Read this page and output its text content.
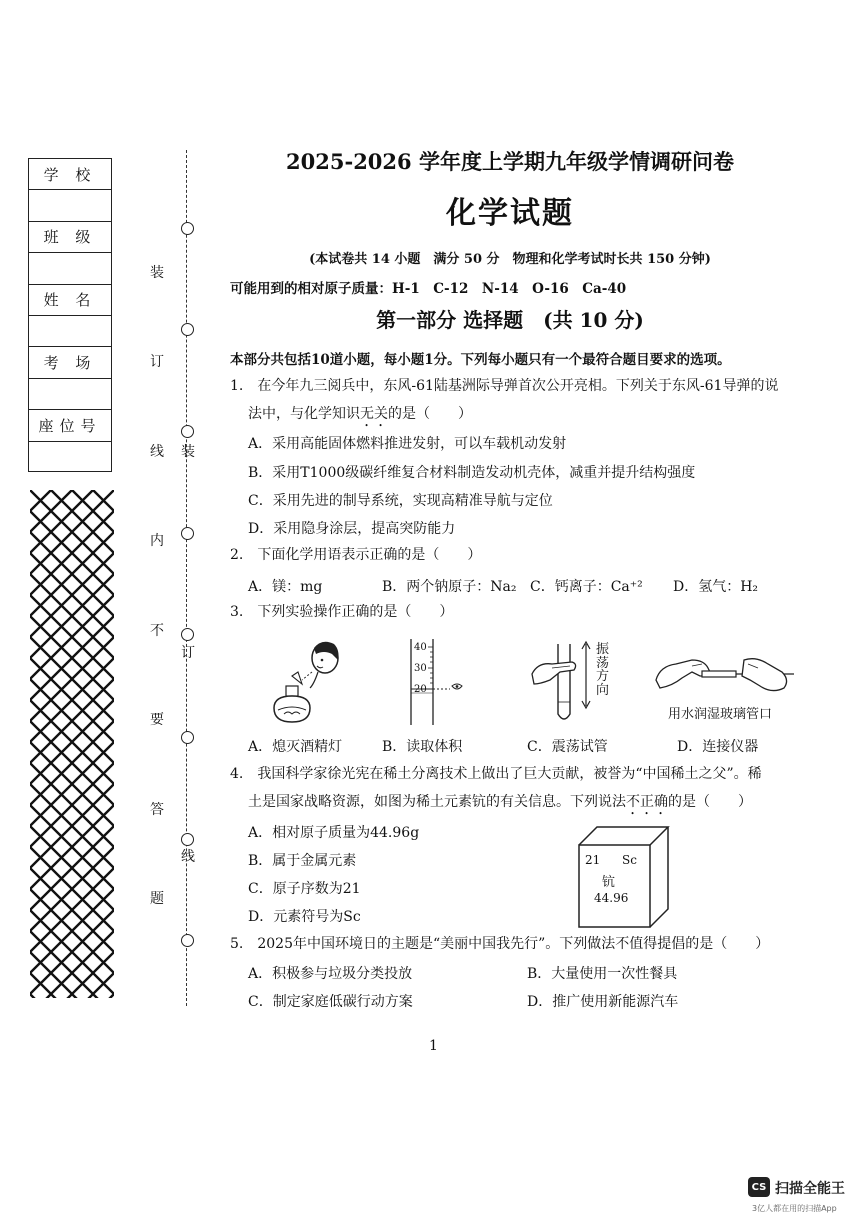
学 校
班 级
姓 名
考 场
座位号
装
订
线
内
不
要
答
题
装
订
线
2025-2026 学年度上学期九年级学情调研问卷
化学试题
(本试卷共 14 小题　满分 50 分　物理和化学考试时长共 150 分钟)
可能用到的相对原子质量：H-1　C-12　N-14　O-16　Ca-40
第一部分 选择题　(共 10 分)
本部分共包括10道小题，每小题1分。下列每小题只有一个最符合题目要求的选项。
1.　在今年九三阅兵中，东风-61陆基洲际导弹首次公开亮相。下列关于东风-61导弹的说
法中，与化学知识无关的是（　　）
A．采用高能固体燃料推进发射，可以车载机动发射
B．采用T1000级碳纤维复合材料制造发动机壳体，减重并提升结构强度
C．采用先进的制导系统，实现高精准导航与定位
D．采用隐身涂层，提高突防能力
2.　下面化学用语表示正确的是（　　）
A．镁：mg	B．两个钠原子：Na₂ C．钙离子：Ca⁺² D．氢气：H₂
3.　下列实验操作正确的是（　　）
40
30
20
振荡方向
用水润湿玻璃管口
A．熄灭酒精灯	B．读取体积	C．震荡试管	D．连接仪器
4.　我国科学家徐光宪在稀土分离技术上做出了巨大贡献，被誉为“中国稀土之父”。稀
土是国家战略资源，如图为稀土元素钪的有关信息。下列说法不正确的是（　　）
A．相对原子质量为44.96g
B．属于金属元素
C．原子序数为21
D．元素符号为Sc
21 Sc
钪
44.96
5.　2025年中国环境日的主题是“美丽中国我先行”。下列做法不值得提倡的是（　　）
A．积极参与垃圾分类投放	B．大量使用一次性餐具
C．制定家庭低碳行动方案	D．推广使用新能源汽车
1
CS 扫描全能王
3亿人都在用的扫描App
